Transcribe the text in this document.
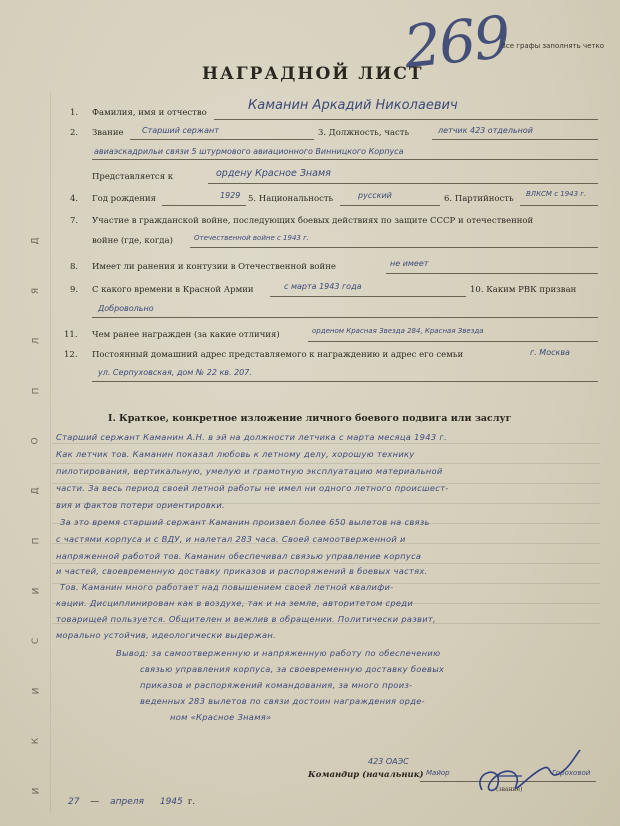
Д
Я
Л
П
О
Д
П
И
С
И
К
И
Все графы заполнять четко
269
НАГРАДНОЙ ЛИСТ
1. Фамилия, имя и отчество	Каманин Аркадий Николаевич
2. Звание Старший сержант	3. Должность, часть	летчик 423 отдельной
авиаэскадрильи связи 5 штурмового авиационного Винницкого Корпуса
Представляется к	ордену Красное Знамя
4. Год рождения	1929 5. Национальность	русский	6. Партийность ВЛКСМ с 1943 г.
7. Участие в гражданской войне, последующих боевых действиях по защите СССР и отечественной
войне (где, когда)	Отечественной войне с 1943 г.
8. Имеет ли ранения и контузии в Отечественной войне	не имеет
9. С какого времени в Красной Армии	с марта 1943 года	10. Каким РВК призван
Добровольно
11. Чем ранее награжден (за какие отличия)	орденом Красная Звезда 284, Красная Звезда
12. Постоянный домашний адрес представляемого к награждению и адрес его семьи	г. Москва
ул. Серпуховская, дом № 22 кв. 207.
I. Краткое, конкретное изложение личного боевого подвига или заслуг
Старший сержант Каманин А.Н. в эй на должности летчика с марта месяца 1943 г.
Как летчик тов. Каманин показал любовь к летному делу, хорошую технику
пилотирования, вертикальную, умелую и грамотную эксплуатацию материальной
части. За весь период своей летной работы не имел ни одного летного происшест-
вия и фактов потери ориентировки.
За это время старший сержант Каманин произвел более 650 вылетов на связь
с частями корпуса и с ВДУ, и налетал 283 часа. Своей самоотверженной и
напряженной работой тов. Каманин обеспечивал связью управление корпуса
и частей, своевременную доставку приказов и распоряжений в боевых частях.
Тов. Каманин много работает над повышением своей летной квалифи-
кации. Дисциплинирован как в воздухе, так и на земле, авторитетом среди
товарищей пользуется. Общителен и вежлив в обращении. Политически развит,
морально устойчив, идеологически выдержан.
Вывод: за самоотверженную и напряженную работу по обеспечению
связью управления корпуса, за своевременную доставку боевых
приказов и распоряжений командования, за много произ-
веденных 283 вылетов по связи достоин награждения орде-
ном «Красное Знамя»
423 ОАЭС
Командир (начальник) Майор	Гороховой
(звание)
27   —   апреля 1945 г.
